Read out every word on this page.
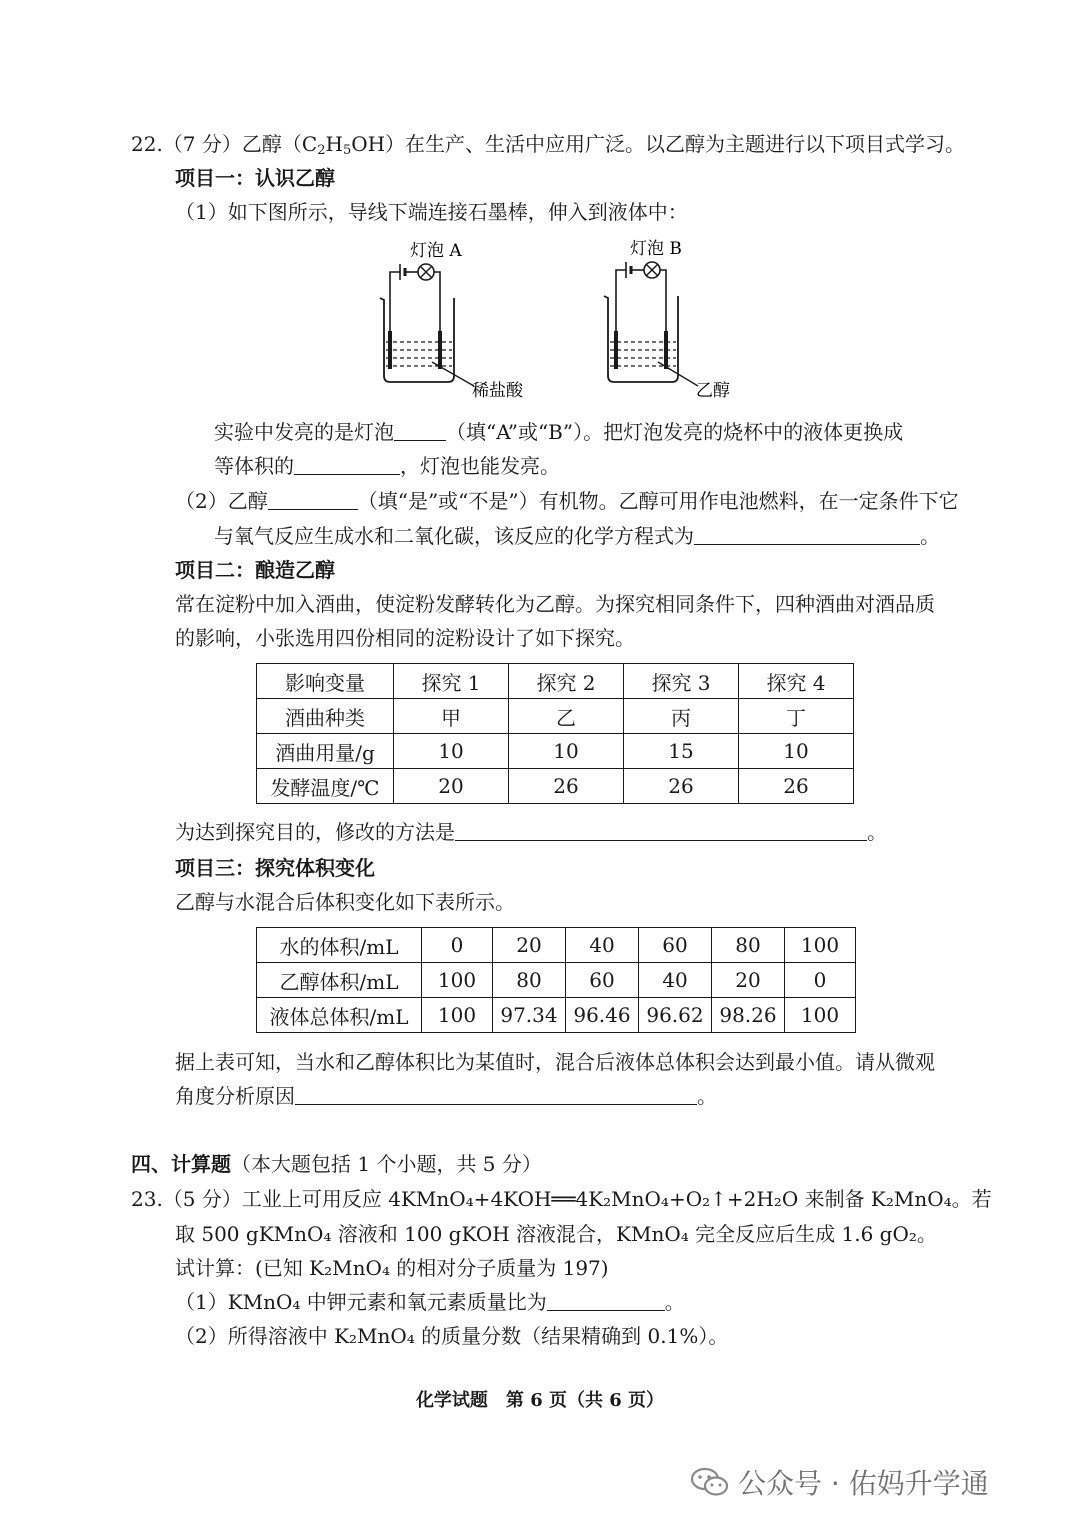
22.（7 分）乙醇$(C_2H_5OH)$在生产、生活中应用广泛。以乙醇为主题进行以下项目式学习。
项目一：认识乙醇
（1）如下图所示，导线下端连接石墨棒，伸入到液体中：
灯泡 A
稀盐酸
灯泡 B
乙醇
实验中发亮的是灯泡	（填“A”或“B”）。把灯泡发亮的烧杯中的液体更换成
等体积的	，灯泡也能发亮。
（2）乙醇	（填“是”或“不是”）有机物。乙醇可用作电池燃料，在一定条件下它
与氧气反应生成水和二氧化碳，该反应的化学方程式为	。
项目二：酿造乙醇
常在淀粉中加入酒曲，使淀粉发酵转化为乙醇。为探究相同条件下，四种酒曲对酒品质
的影响，小张选用四份相同的淀粉设计了如下探究。
影响变量	探究 1	探究 2	探究 3	探究 4
酒曲种类	甲	乙	丙	丁
酒曲用量/g	10	10	15	10
发酵温度/℃	20	26	26	26
为达到探究目的，修改的方法是	。
项目三：探究体积变化
乙醇与水混合后体积变化如下表所示。
水的体积/mL	0	20	40	60	80	100
乙醇体积/mL	100	80	60	40	20	0
液体总体积/mL	100	97.34	96.46	96.62	98.26	100
据上表可知，当水和乙醇体积比为某值时，混合后液体总体积会达到最小值。请从微观
角度分析原因	。
四、计算题（本大题包括 1 个小题，共 5 分）
23.（5 分）工业上可用反应 4KMnO₄+4KOH══4K₂MnO₄+O₂↑+2H₂O 来制备 K₂MnO₄。若
取 500 gKMnO₄ 溶液和 100 gKOH 溶液混合，KMnO₄ 完全反应后生成 1.6 gO₂。
试计算：(已知 K₂MnO₄ 的相对分子质量为 197)
（1）KMnO₄ 中钾元素和氧元素质量比为	。
（2）所得溶液中 K₂MnO₄ 的质量分数（结果精确到 0.1%）。
化学试题　第 6 页（共 6 页）
公众号 · 佑妈升学通
